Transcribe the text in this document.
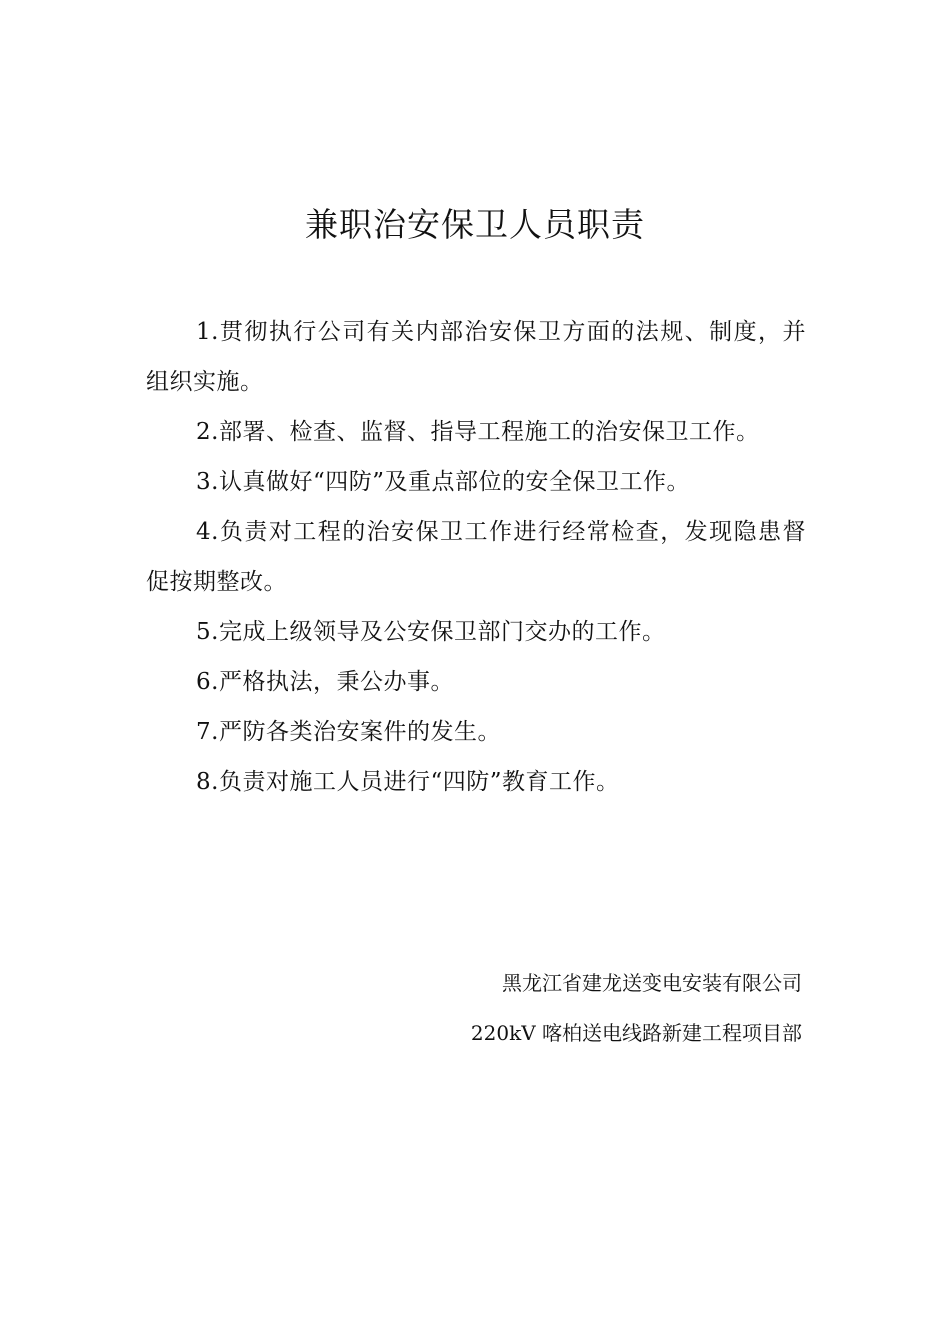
兼职治安保卫人员职责

1.贯彻执行公司有关内部治安保卫方面的法规、制度，并组织实施。

2.部署、检查、监督、指导工程施工的治安保卫工作。

3.认真做好“四防”及重点部位的安全保卫工作。

4.负责对工程的治安保卫工作进行经常检查，发现隐患督促按期整改。

5.完成上级领导及公安保卫部门交办的工作。

6.严格执法，秉公办事。

7.严防各类治安案件的发生。

8.负责对施工人员进行“四防”教育工作。

黑龙江省建龙送变电安装有限公司
220kV 喀柏送电线路新建工程项目部
